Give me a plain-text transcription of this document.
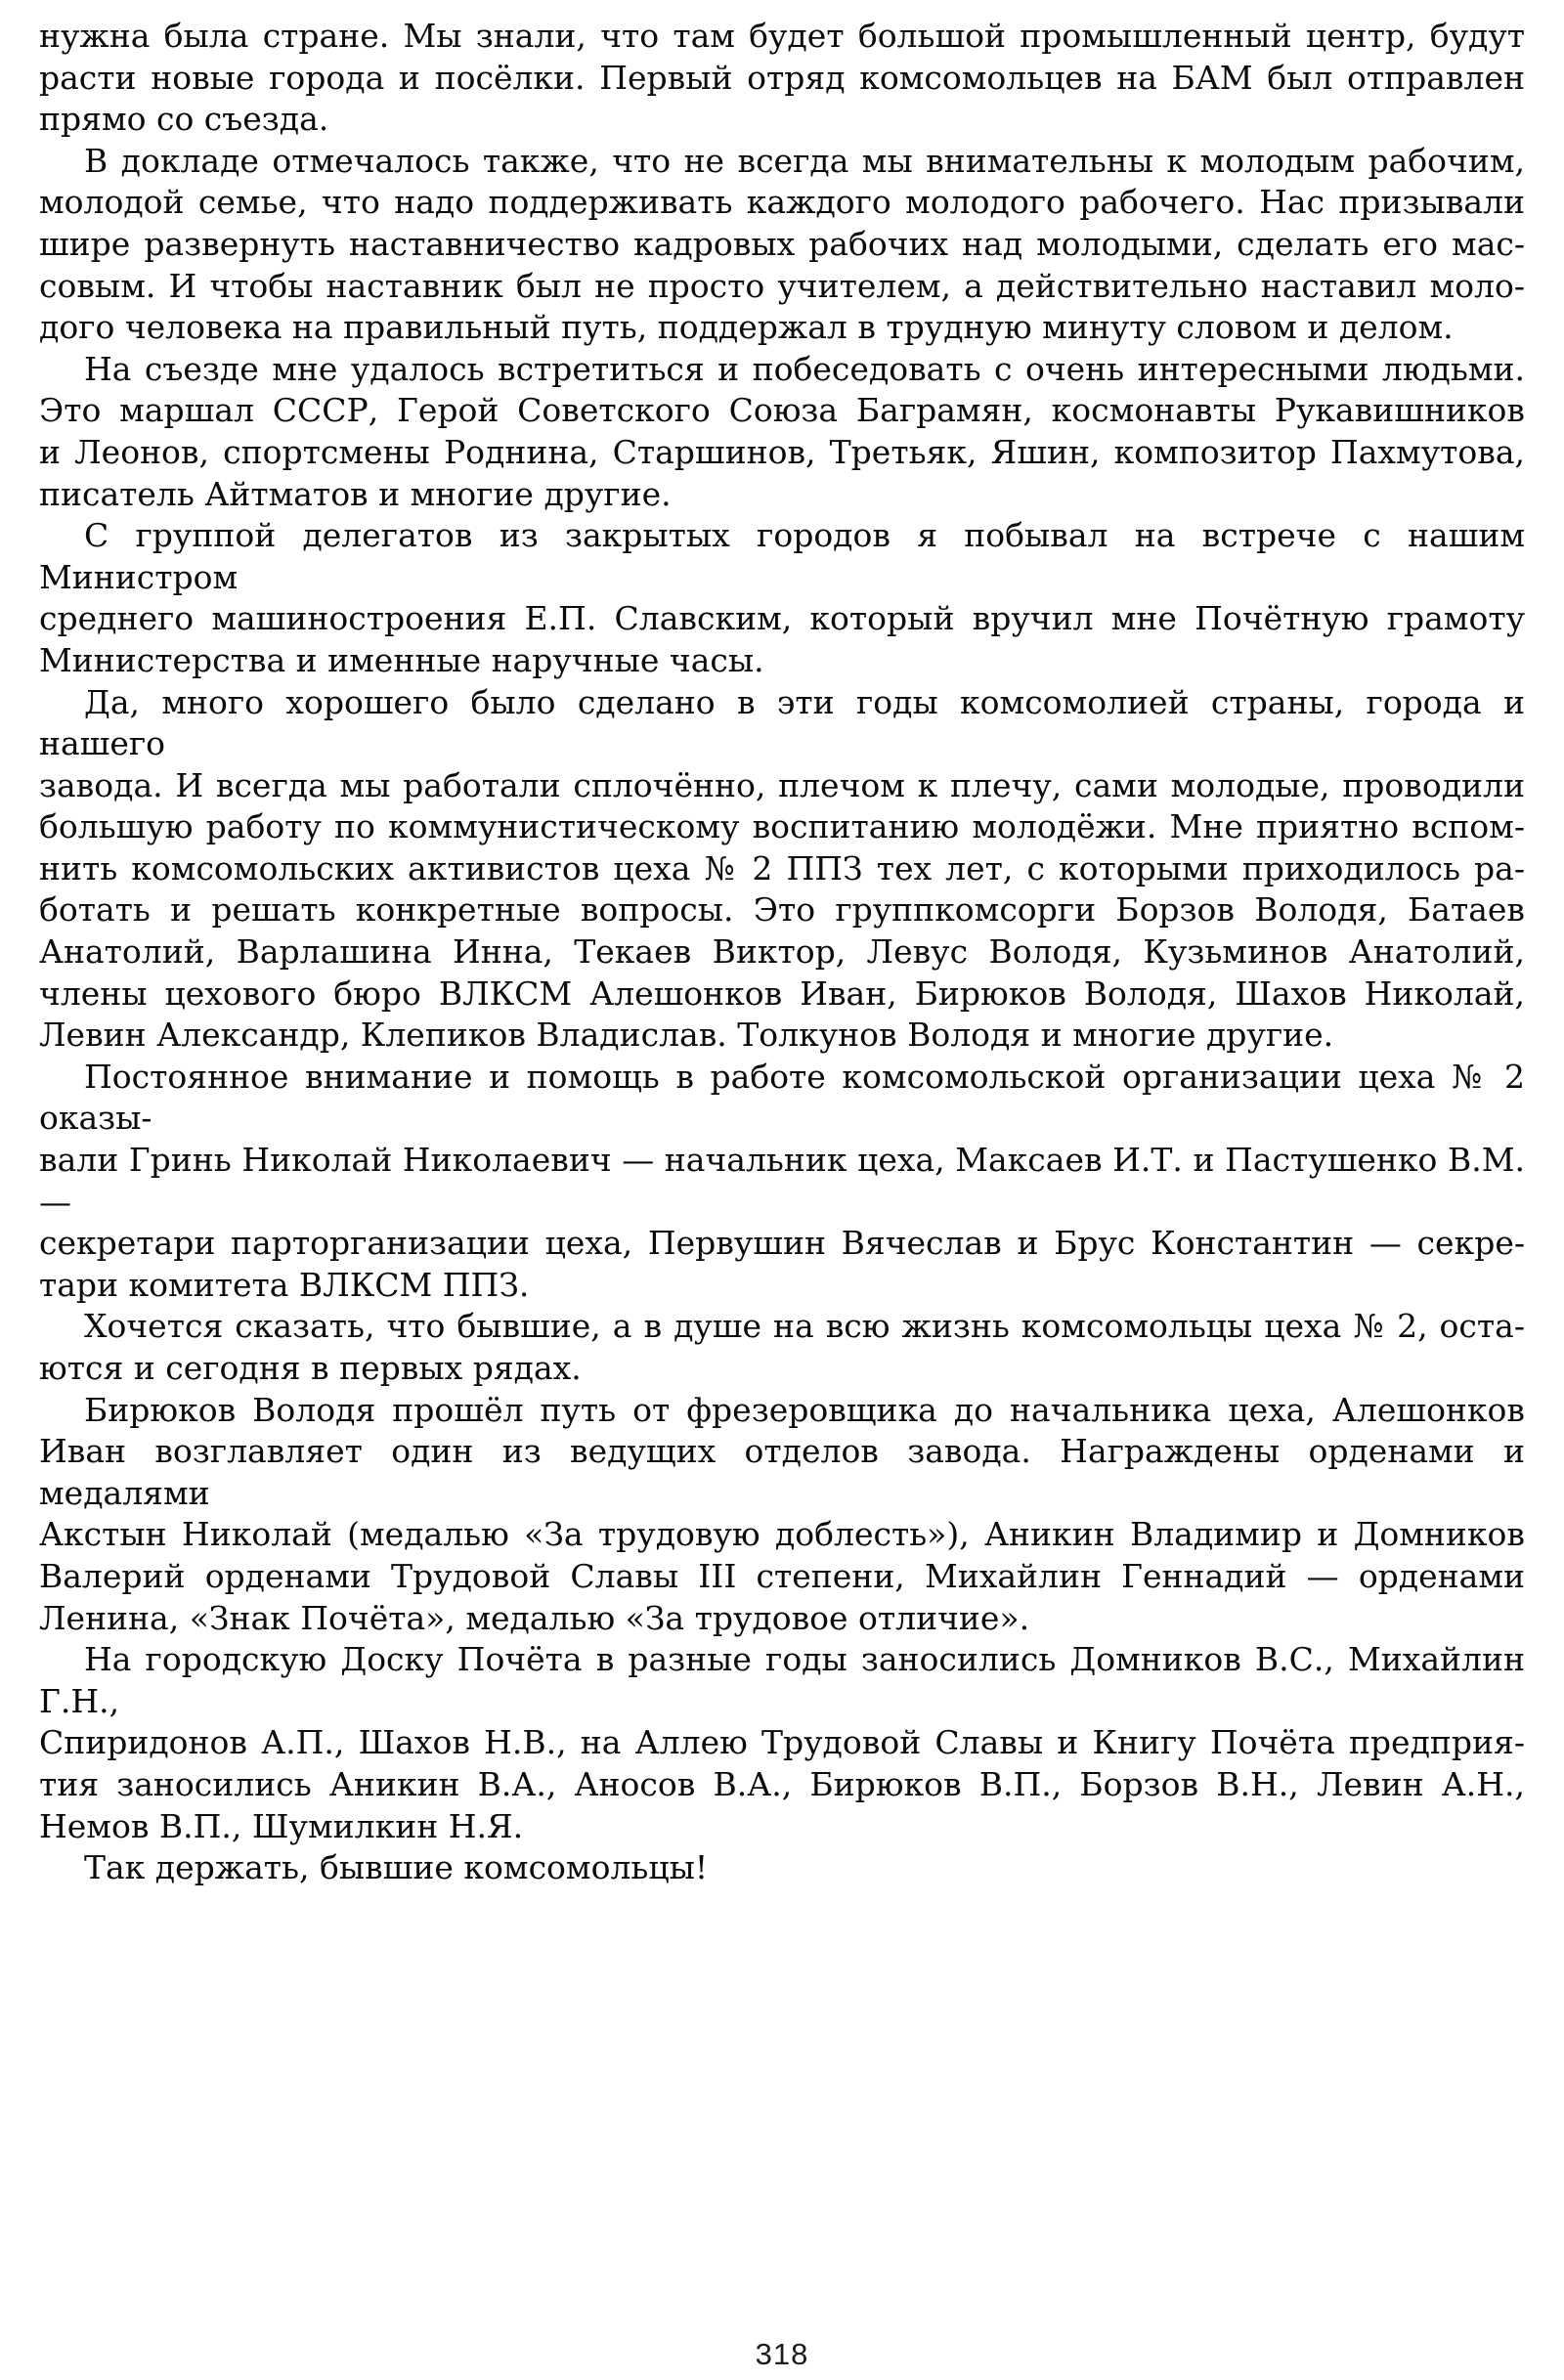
нужна была стране. Мы знали, что там будет большой промышленный центр, будут
расти новые города и посёлки. Первый отряд комсомольцев на БАМ был отправлен
прямо со съезда.
В докладе отмечалось также, что не всегда мы внимательны к молодым рабочим,
молодой семье, что надо поддерживать каждого молодого рабочего. Нас призывали
шире развернуть наставничество кадровых рабочих над молодыми, сделать его мас-
совым. И чтобы наставник был не просто учителем, а действительно наставил моло-
дого человека на правильный путь, поддержал в трудную минуту словом и делом.
На съезде мне удалось встретиться и побеседовать с очень интересными людьми.
Это маршал СССР, Герой Советского Союза Баграмян, космонавты Рукавишников
и Леонов, спортсмены Роднина, Старшинов, Третьяк, Яшин, композитор Пахмутова,
писатель Айтматов и многие другие.
С группой делегатов из закрытых городов я побывал на встрече с нашим Министром
среднего машиностроения Е.П. Славским, который вручил мне Почётную грамоту
Министерства и именные наручные часы.
Да, много хорошего было сделано в эти годы комсомолией страны, города и нашего
завода. И всегда мы работали сплочённо, плечом к плечу, сами молодые, проводили
большую работу по коммунистическому воспитанию молодёжи. Мне приятно вспом-
нить комсомольских активистов цеха № 2 ППЗ тех лет, с которыми приходилось ра-
ботать и решать конкретные вопросы. Это группкомсорги Борзов Володя, Батаев
Анатолий, Варлашина Инна, Текаев Виктор, Левус Володя, Кузьминов Анатолий,
члены цехового бюро ВЛКСМ Алешонков Иван, Бирюков Володя, Шахов Николай,
Левин Александр, Клепиков Владислав. Толкунов Володя и многие другие.
Постоянное внимание и помощь в работе комсомольской организации цеха № 2 оказы-
вали Гринь Николай Николаевич — начальник цеха, Максаев И.Т. и Пастушенко В.М. —
секретари парторганизации цеха, Первушин Вячеслав и Брус Константин — секре-
тари комитета ВЛКСМ ППЗ.
Хочется сказать, что бывшие, а в душе на всю жизнь комсомольцы цеха № 2, оста-
ются и сегодня в первых рядах.
Бирюков Володя прошёл путь от фрезеровщика до начальника цеха, Алешонков
Иван возглавляет один из ведущих отделов завода. Награждены орденами и медалями
Акстын Николай (медалью «За трудовую доблесть»), Аникин Владимир и Домников
Валерий орденами Трудовой Славы III степени, Михайлин Геннадий — орденами
Ленина, «Знак Почёта», медалью «За трудовое отличие».
На городскую Доску Почёта в разные годы заносились Домников В.С., Михайлин Г.Н.,
Спиридонов А.П., Шахов Н.В., на Аллею Трудовой Славы и Книгу Почёта предприя-
тия заносились Аникин В.А., Аносов В.А., Бирюков В.П., Борзов В.Н., Левин А.Н.,
Немов В.П., Шумилкин Н.Я.
Так держать, бывшие комсомольцы!
318
